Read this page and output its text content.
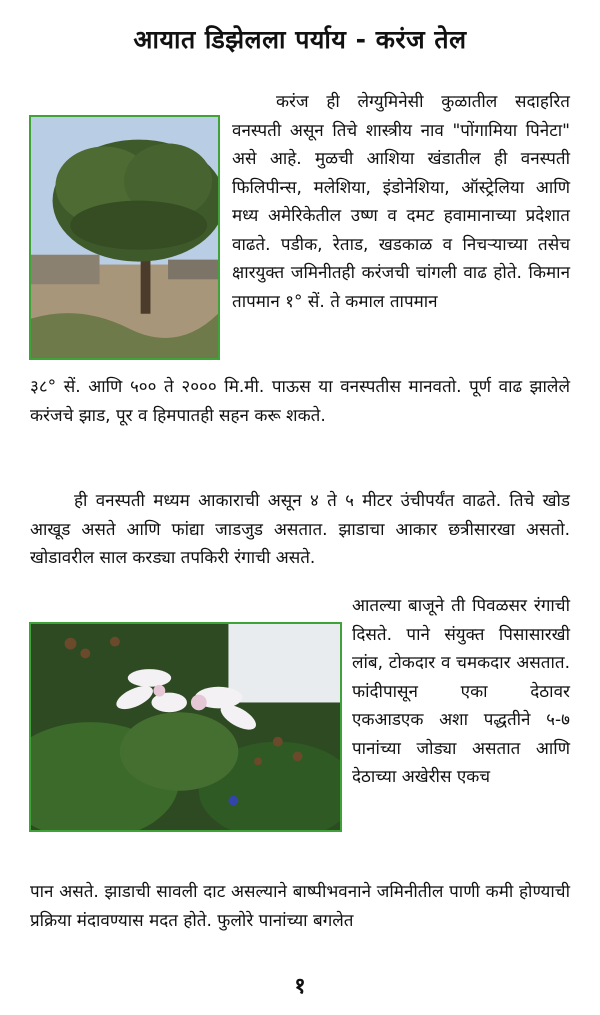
आयात डिझेलला पर्याय - करंज तेल

करंज ही लेग्युमिनेसी कुळातील सदाहरित वनस्पती असून तिचे शास्त्रीय नाव "पोंगामिया पिनेटा" असे आहे. मुळची आशिया खंडातील ही वनस्पती फिलिपीन्स, मलेशिया, इंडोनेशिया, ऑस्ट्रेलिया आणि मध्य अमेरिकेतील उष्ण व दमट हवामानाच्या प्रदेशात वाढते. पडीक, रेताड, खडकाळ व निचऱ्याच्या तसेच क्षारयुक्त जमिनीतही करंजची चांगली वाढ होते. किमान तापमान १° सें. ते कमाल तापमान

३८° सें. आणि ५०० ते २००० मि.मी. पाऊस या वनस्पतीस मानवतो. पूर्ण वाढ झालेले करंजचे झाड, पूर व हिमपातही सहन करू शकते.

ही वनस्पती मध्यम आकाराची असून ४ ते ५ मीटर उंचीपर्यंत वाढते. तिचे खोड आखूड असते आणि फांद्या जाडजुड असतात. झाडाचा आकार छत्रीसारखा असतो. खोडावरील साल करड्या तपकिरी रंगाची असते.

आतल्या बाजूने ती पिवळसर रंगाची दिसते. पाने संयुक्त पिसासारखी लांब, टोकदार व चमकदार असतात. फांदीपासून एका देठावर एकआडएक अशा पद्धतीने ५-७ पानांच्या जोड्या असतात आणि देठाच्या अखेरीस एकच

पान असते. झाडाची सावली दाट असल्याने बाष्पीभवनाने जमिनीतील पाणी कमी होण्याची प्रक्रिया मंदावण्यास मदत होते. फुलोरे पानांच्या बगलेत

१
